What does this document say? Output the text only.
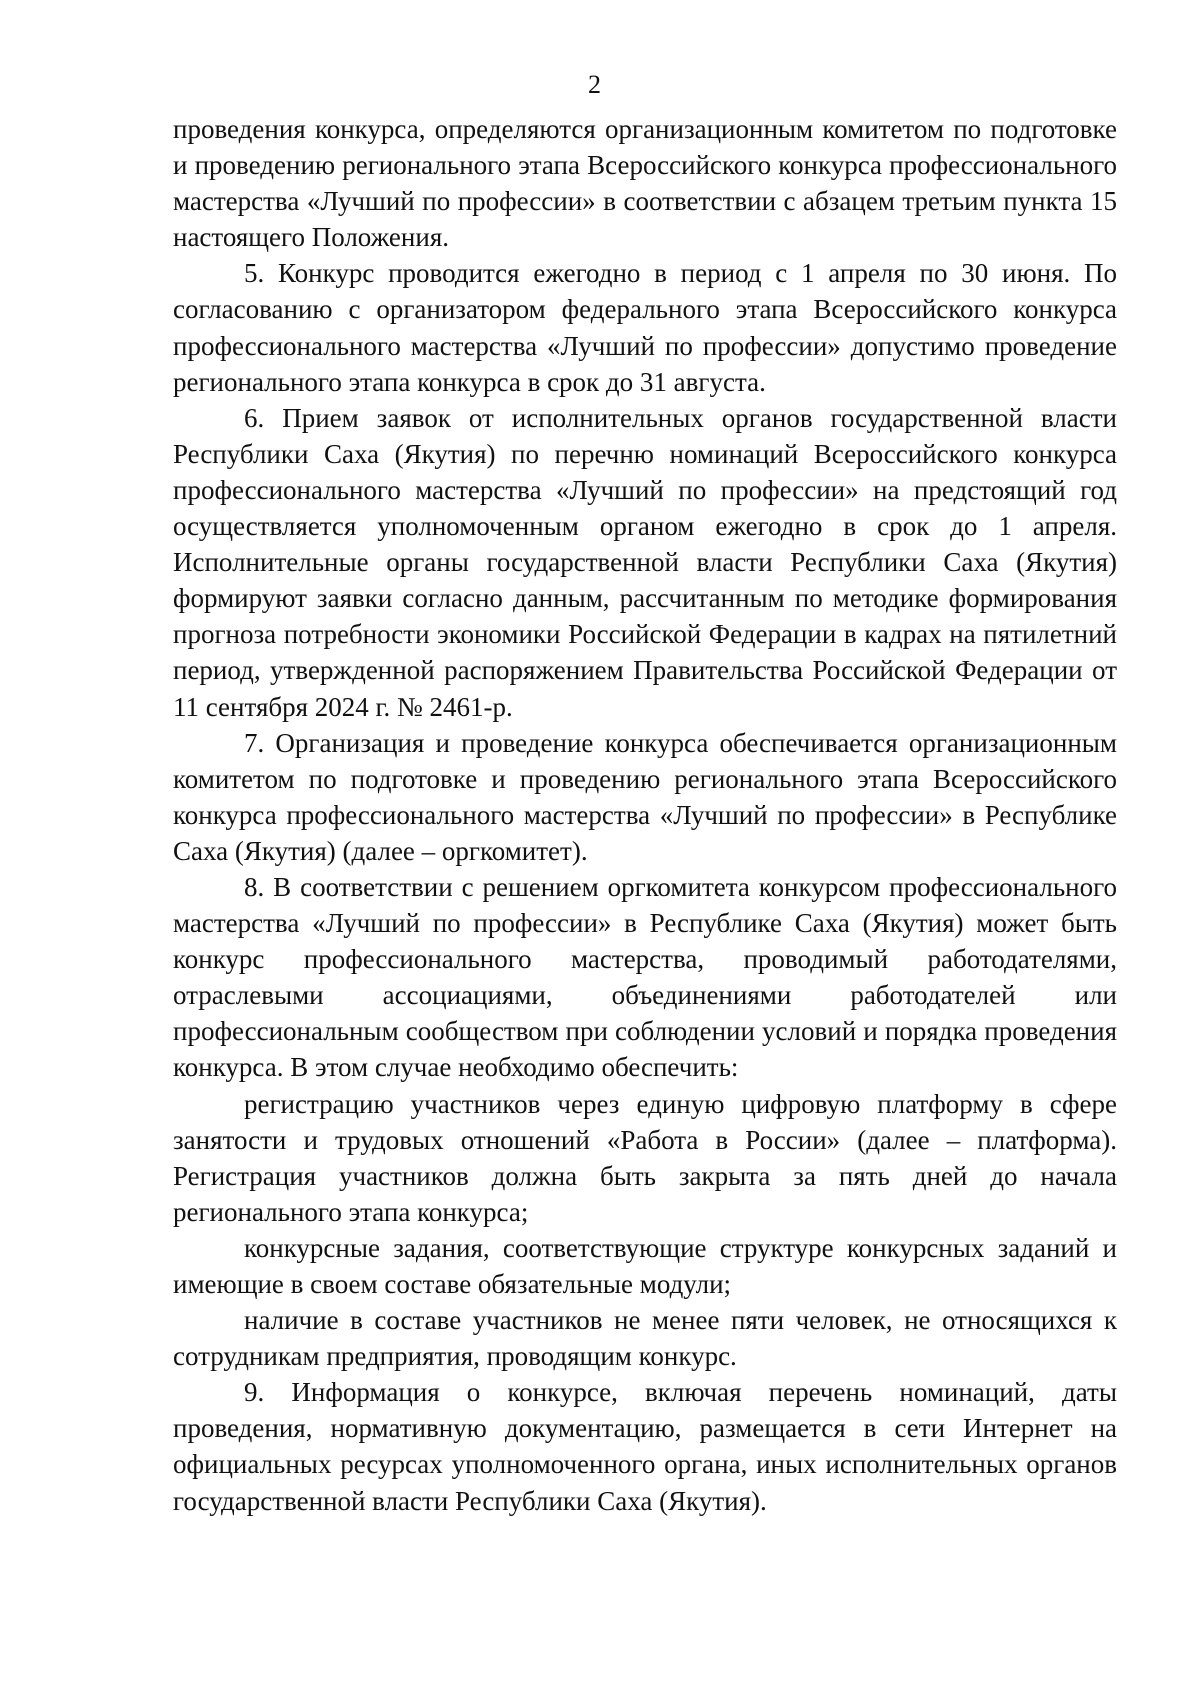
2

проведения конкурса, определяются организационным комитетом по подготовке и проведению регионального этапа Всероссийского конкурса профессионального мастерства «Лучший по профессии» в соответствии с абзацем третьим пункта 15 настоящего Положения.

5. Конкурс проводится ежегодно в период с 1 апреля по 30 июня. По согласованию с организатором федерального этапа Всероссийского конкурса профессионального мастерства «Лучший по профессии» допустимо проведение регионального этапа конкурса в срок до 31 августа.

6. Прием заявок от исполнительных органов государственной власти Республики Саха (Якутия) по перечню номинаций Всероссийского конкурса профессионального мастерства «Лучший по профессии» на предстоящий год осуществляется уполномоченным органом ежегодно в срок до 1 апреля. Исполнительные органы государственной власти Республики Саха (Якутия) формируют заявки согласно данным, рассчитанным по методике формирования прогноза потребности экономики Российской Федерации в кадрах на пятилетний период, утвержденной распоряжением Правительства Российской Федерации от 11 сентября 2024 г. № 2461-р.

7. Организация и проведение конкурса обеспечивается организационным комитетом по подготовке и проведению регионального этапа Всероссийского конкурса профессионального мастерства «Лучший по профессии» в Республике Саха (Якутия) (далее – оргкомитет).

8. В соответствии с решением оргкомитета конкурсом профессионального мастерства «Лучший по профессии» в Республике Саха (Якутия) может быть конкурс профессионального мастерства, проводимый работодателями, отраслевыми ассоциациями, объединениями работодателей или профессиональным сообществом при соблюдении условий и порядка проведения конкурса. В этом случае необходимо обеспечить:

регистрацию участников через единую цифровую платформу в сфере занятости и трудовых отношений «Работа в России» (далее – платформа). Регистрация участников должна быть закрыта за пять дней до начала регионального этапа конкурса;

конкурсные задания, соответствующие структуре конкурсных заданий и имеющие в своем составе обязательные модули;

наличие в составе участников не менее пяти человек, не относящихся к сотрудникам предприятия, проводящим конкурс.

9. Информация о конкурсе, включая перечень номинаций, даты проведения, нормативную документацию, размещается в сети Интернет на официальных ресурсах уполномоченного органа, иных исполнительных органов государственной власти Республики Саха (Якутия).
